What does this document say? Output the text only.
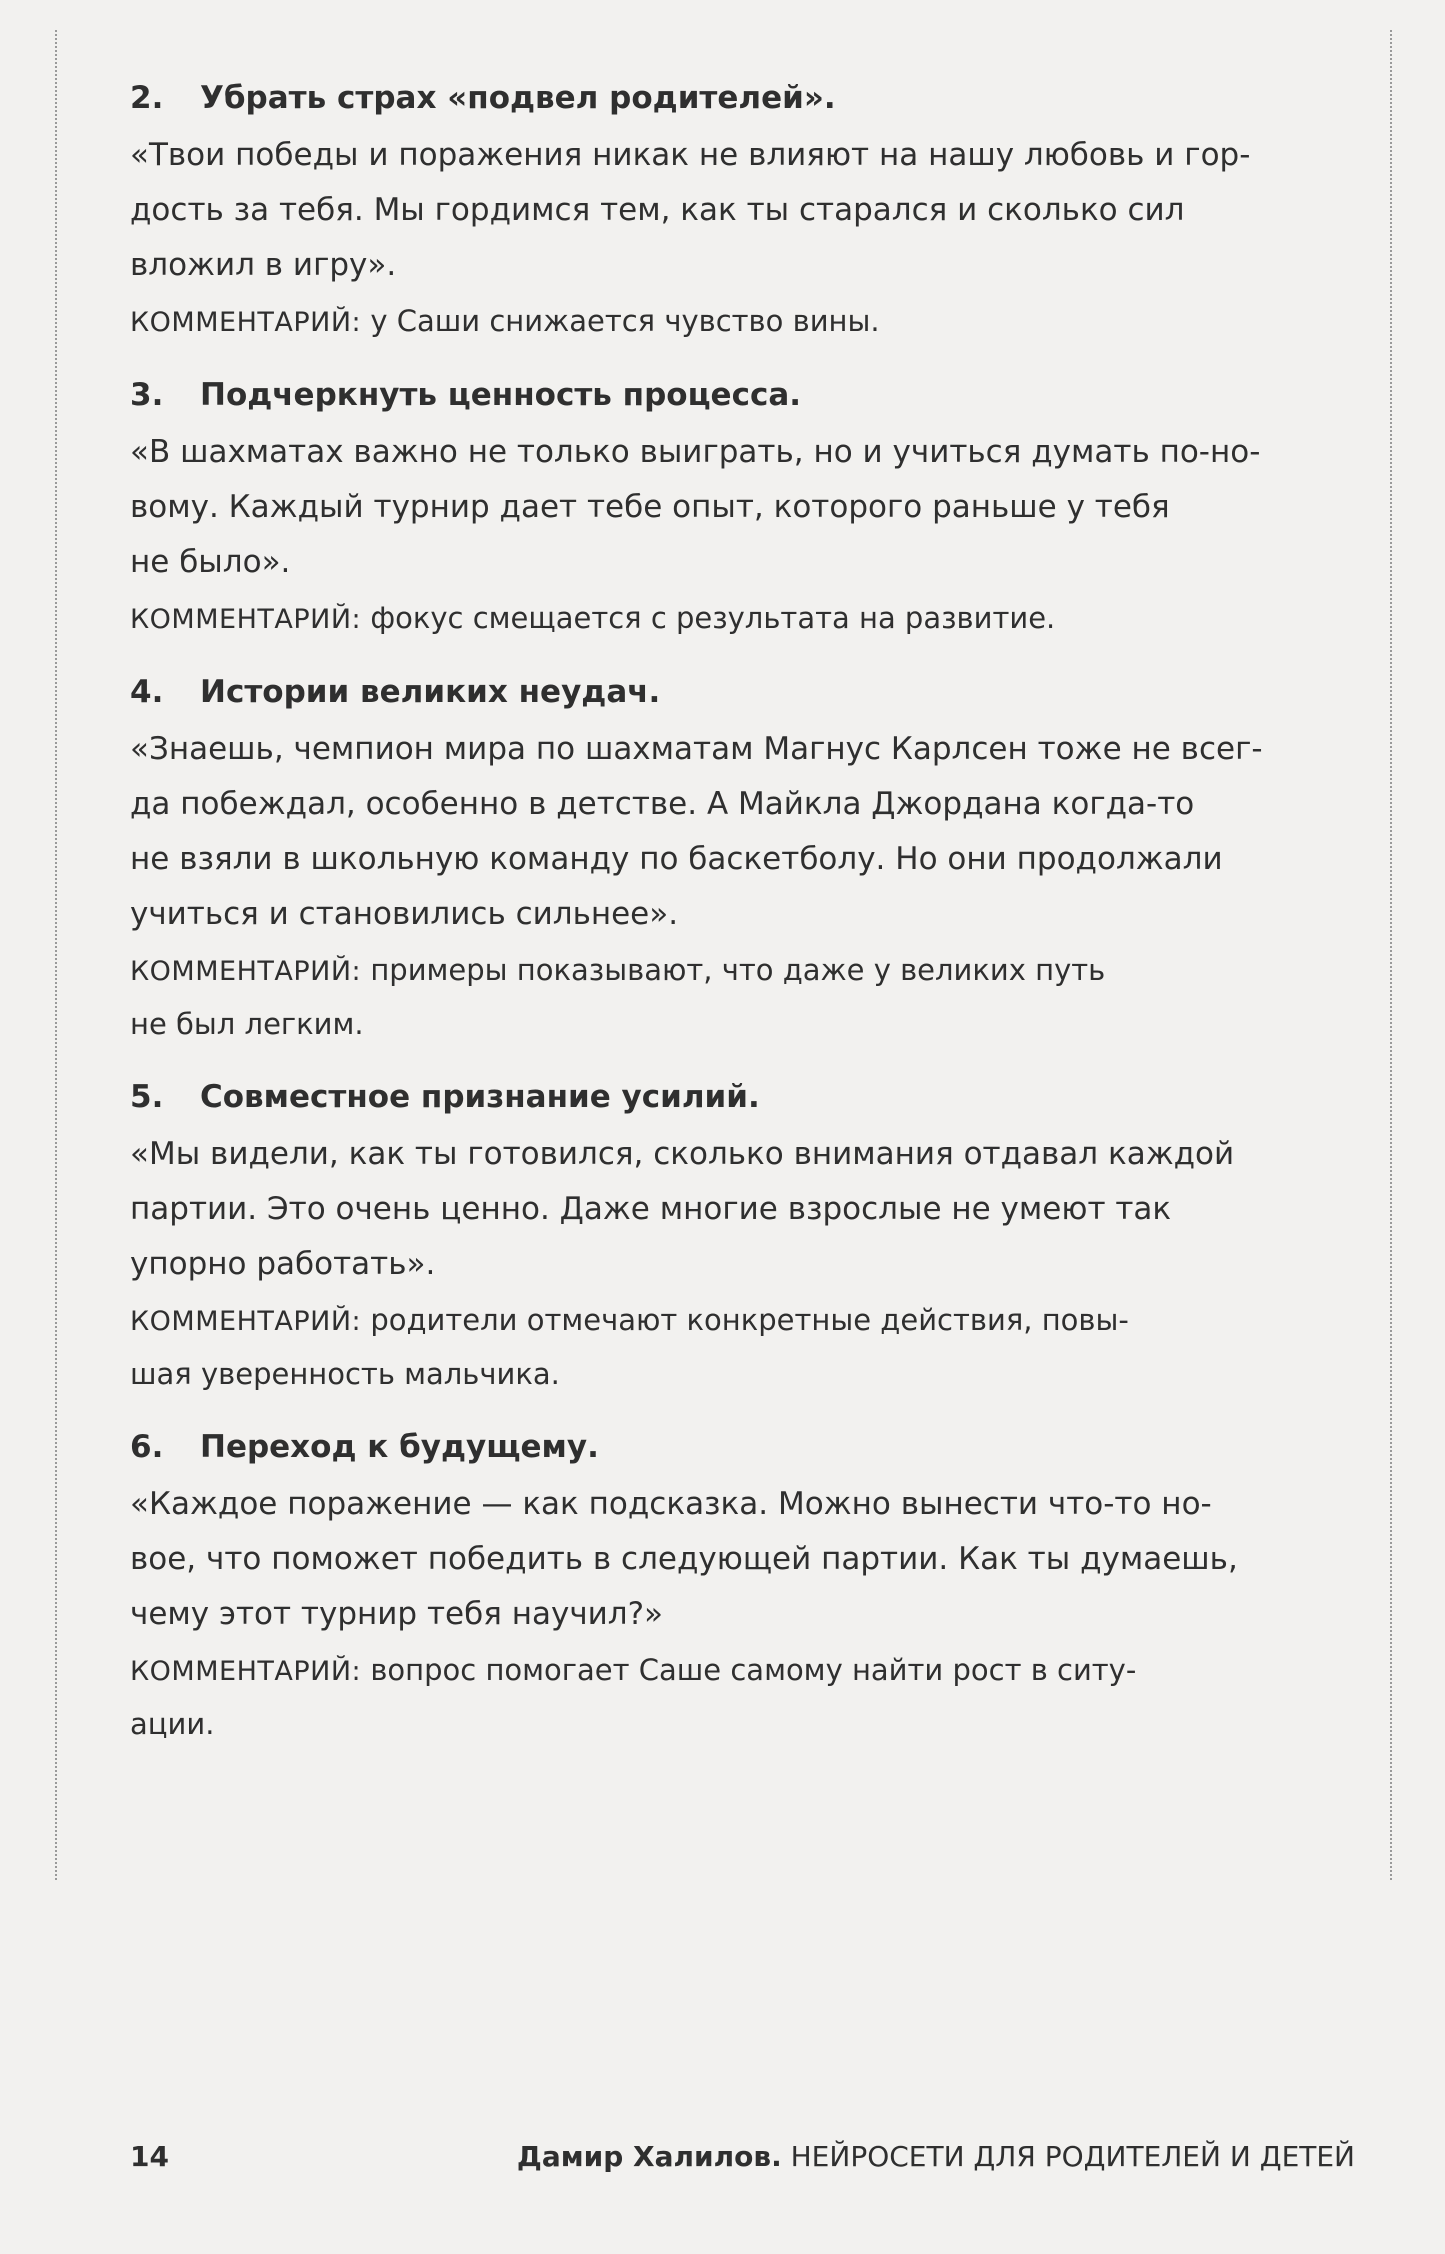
2. Убрать страх «подвел родителей».

«Твои победы и поражения никак не влияют на нашу любовь и гор-
дость за тебя. Мы гордимся тем, как ты старался и сколько сил
вложил в игру».

КОММЕНТАРИЙ: у Саши снижается чувство вины.

3. Подчеркнуть ценность процесса.

«В шахматах важно не только выиграть, но и учиться думать по-но-
вому. Каждый турнир дает тебе опыт, которого раньше у тебя
не было».

КОММЕНТАРИЙ: фокус смещается с результата на развитие.

4. Истории великих неудач.

«Знаешь, чемпион мира по шахматам Магнус Карлсен тоже не всег-
да побеждал, особенно в детстве. А Майкла Джордана когда-то
не взяли в школьную команду по баскетболу. Но они продолжали
учиться и становились сильнее».

КОММЕНТАРИЙ: примеры показывают, что даже у великих путь
не был легким.

5. Совместное признание усилий.

«Мы видели, как ты готовился, сколько внимания отдавал каждой
партии. Это очень ценно. Даже многие взрослые не умеют так
упорно работать».

КОММЕНТАРИЙ: родители отмечают конкретные действия, повы-
шая уверенность мальчика.

6. Переход к будущему.

«Каждое поражение — как подсказка. Можно вынести что-то но-
вое, что поможет победить в следующей партии. Как ты думаешь,
чему этот турнир тебя научил?»

КОММЕНТАРИЙ: вопрос помогает Саше самому найти рост в ситу-
ации.

14	Дамир Халилов. НЕЙРОСЕТИ ДЛЯ РОДИТЕЛЕЙ И ДЕТЕЙ
